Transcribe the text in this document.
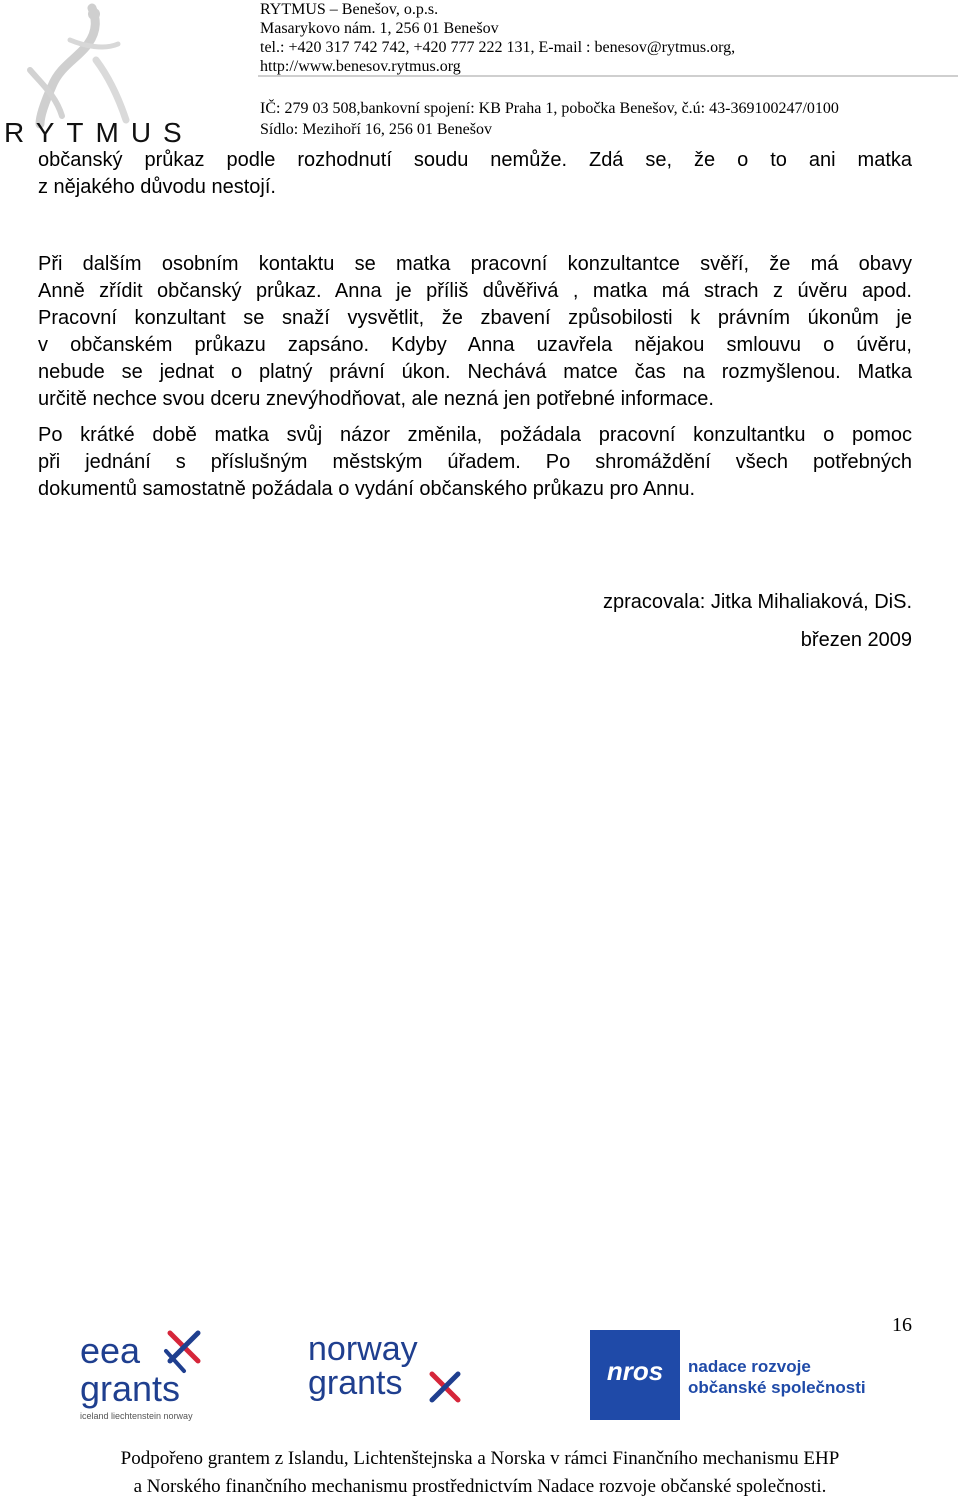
RYTMUS
RYTMUS – Benešov, o.p.s.
Masarykovo nám. 1, 256 01 Benešov
tel.: +420 317 742 742, +420 777 222 131, E-mail : benesov@rytmus.org,
http://www.benesov.rytmus.org
IČ: 279 03 508,bankovní spojení: KB Praha 1, pobočka Benešov, č.ú: 43-369100247/0100
Sídlo: Mezihoří 16, 256 01 Benešov
občanský průkaz podle rozhodnutí soudu nemůže. Zdá se, že o to ani matka
z nějakého důvodu nestojí.
Při dalším osobním kontaktu se matka pracovní konzultantce svěří, že má obavy
Anně zřídit občanský průkaz. Anna je příliš důvěřivá , matka má strach z úvěru apod.
Pracovní konzultant se snaží vysvětlit, že zbavení způsobilosti k právním úkonům je
v občanském průkazu zapsáno. Kdyby Anna uzavřela nějakou smlouvu o úvěru,
nebude se jednat o platný právní úkon. Nechává matce čas na rozmyšlenou. Matka
určitě nechce svou dceru znevýhodňovat, ale nezná jen potřebné informace.
Po krátké době matka svůj názor změnila, požádala pracovní konzultantku o pomoc
při jednání s příslušným městským úřadem. Po shromáždění všech potřebných
dokumentů samostatně požádala o vydání občanského průkazu pro Annu.
zpracovala: Jitka Mihaliaková, DiS.
březen 2009
16
eea
grants
iceland liechtenstein norway
norway
grants	nros	nadace rozvoje
občanské společnosti
Podpořeno grantem z Islandu, Lichtenštejnska a Norska v rámci Finančního mechanismu EHP
a Norského finančního mechanismu prostřednictvím Nadace rozvoje občanské společnosti.
